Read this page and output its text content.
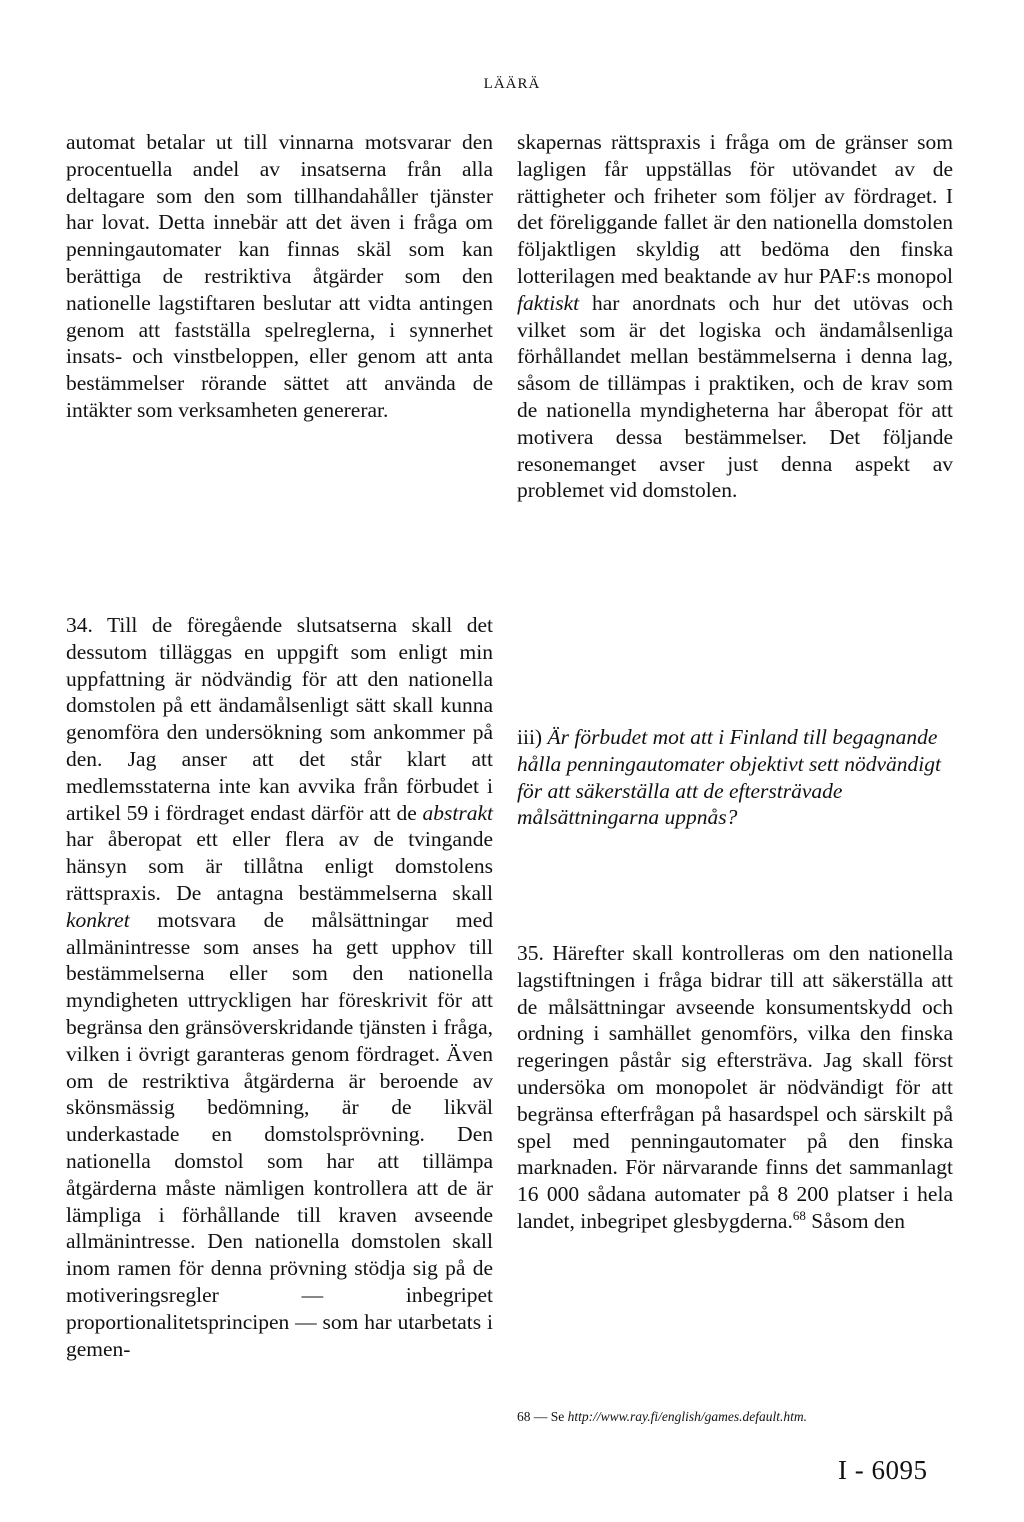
LÄÄRÄ

automat betalar ut till vinnarna motsvarar den procentuella andel av insatserna från alla deltagare som den som tillhandahåller tjänster har lovat. Detta innebär att det även i fråga om penningautomater kan finnas skäl som kan berättiga de restriktiva åtgärder som den nationelle lagstiftaren beslutar att vidta antingen genom att fastställa spelreglerna, i synnerhet insats- och vinstbeloppen, eller genom att anta bestämmelser rörande sättet att använda de intäkter som verksamheten genererar.

skapernas rättspraxis i fråga om de gränser som lagligen får uppställas för utövandet av de rättigheter och friheter som följer av fördraget. I det föreliggande fallet är den nationella domstolen följaktligen skyldig att bedöma den finska lotterilagen med beaktande av hur PAF:s monopol faktiskt har anordnats och hur det utövas och vilket som är det logiska och ändamålsenliga förhållandet mellan bestämmelserna i denna lag, såsom de tillämpas i praktiken, och de krav som de nationella myndigheterna har åberopat för att motivera dessa bestämmelser. Det följande resonemanget avser just denna aspekt av problemet vid domstolen.

34. Till de föregående slutsatserna skall det dessutom tilläggas en uppgift som enligt min uppfattning är nödvändig för att den nationella domstolen på ett ändamålsenligt sätt skall kunna genomföra den undersökning som ankommer på den. Jag anser att det står klart att medlemsstaterna inte kan avvika från förbudet i artikel 59 i fördraget endast därför att de abstrakt har åberopat ett eller flera av de tvingande hänsyn som är tillåtna enligt domstolens rättspraxis. De antagna bestämmelserna skall konkret motsvara de målsättningar med allmänintresse som anses ha gett upphov till bestämmelserna eller som den nationella myndigheten uttryckligen har föreskrivit för att begränsa den gränsöverskridande tjänsten i fråga, vilken i övrigt garanteras genom fördraget. Även om de restriktiva åtgärderna är beroende av skönsmässig bedömning, är de likväl underkastade en domstolsprövning. Den nationella domstol som har att tillämpa åtgärderna måste nämligen kontrollera att de är lämpliga i förhållande till kraven avseende allmänintresse. Den nationella domstolen skall inom ramen för denna prövning stödja sig på de motiveringsregler — inbegripet proportionalitetsprincipen — som har utarbetats i gemen-

iii) Är förbudet mot att i Finland till begagnande hålla penningautomater objektivt sett nödvändigt för att säkerställa att de eftersträvade målsättningarna uppnås?

35. Härefter skall kontrolleras om den nationella lagstiftningen i fråga bidrar till att säkerställa att de målsättningar avseende konsumentskydd och ordning i samhället genomförs, vilka den finska regeringen påstår sig eftersträva. Jag skall först undersöka om monopolet är nödvändigt för att begränsa efterfrågan på hasardspel och särskilt på spel med penningautomater på den finska marknaden. För närvarande finns det sammanlagt 16 000 sådana automater på 8 200 platser i hela landet, inbegripet glesbygderna.$^{68}$ Såsom den

68 — Se http://www.ray.fi/english/games.default.htm.
I - 6095
